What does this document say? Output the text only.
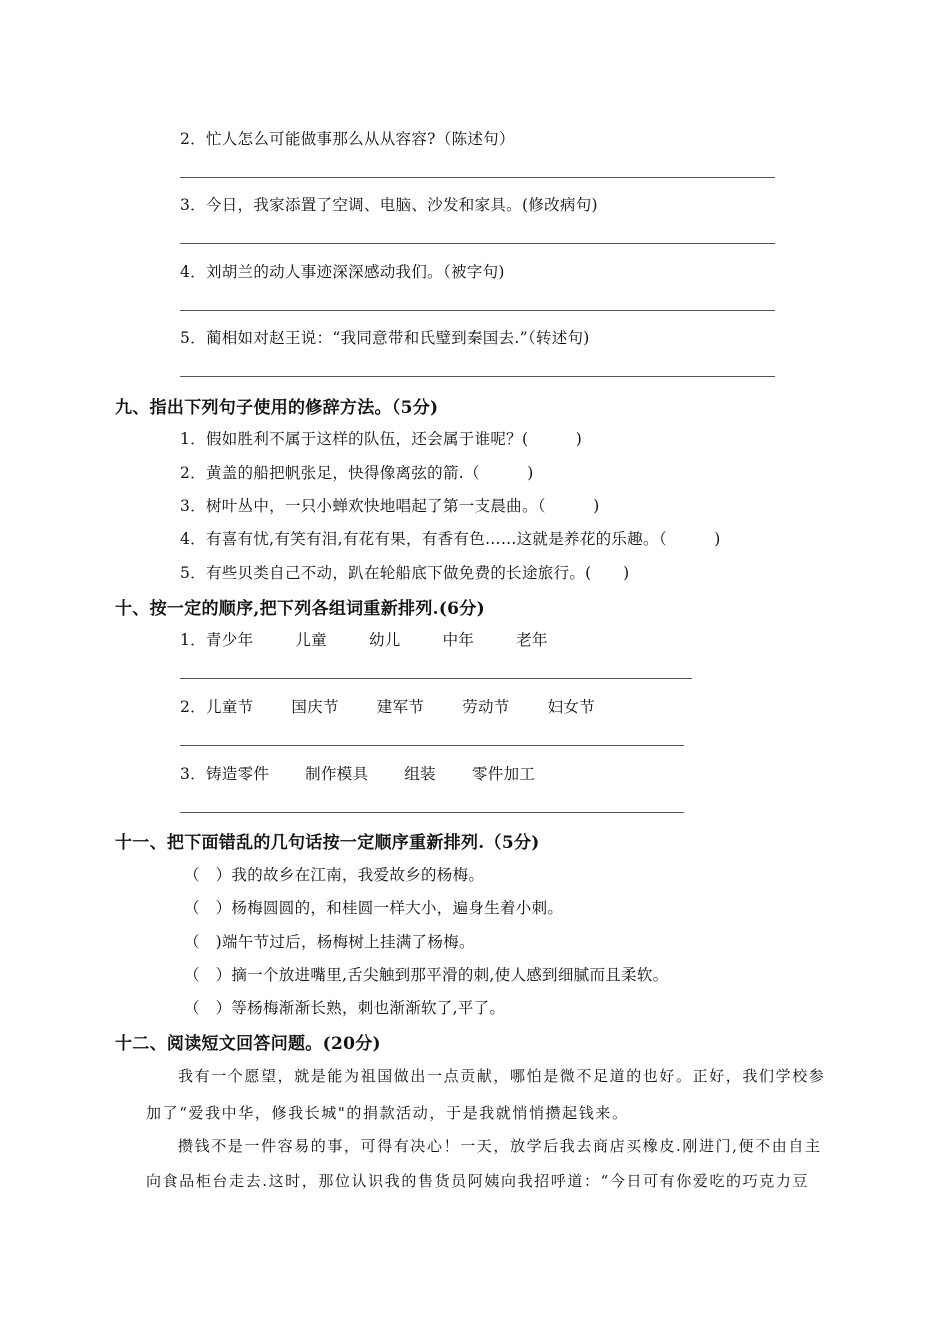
2．忙人怎么可能做事那么从从容容?（陈述句）
3．今日，我家添置了空调、电脑、沙发和家具。(修改病句)
4．刘胡兰的动人事迹深深感动我们。（被字句)
5．蔺相如对赵王说：“我同意带和氏璧到秦国去.”（转述句)
九、指出下列句子使用的修辞方法。（5分)
1．假如胜利不属于这样的队伍，还会属于谁呢？(　　　)
2．黄盖的船把帆张足，快得像离弦的箭.（　　　)
3．树叶丛中，一只小蝉欢快地唱起了第一支晨曲。（　　　)
4．有喜有忧,有笑有泪,有花有果，有香有色……这就是养花的乐趣。（　　　)
5．有些贝类自己不动，趴在轮船底下做免费的长途旅行。(　　)
十、按一定的顺序,把下列各组词重新排列.(6分)
1．青少年	儿童	幼儿	中年	老年
2．儿童节 国庆节 建军节 劳动节 妇女节
3．铸造零件 制作模具 组装 零件加工
十一、把下面错乱的几句话按一定顺序重新排列.（5分)
（　）我的故乡在江南，我爱故乡的杨梅。
（　）杨梅圆圆的，和桂圆一样大小，遍身生着小刺。
（　)端午节过后，杨梅树上挂满了杨梅。
（　）摘一个放进嘴里,舌尖触到那平滑的刺,使人感到细腻而且柔软。
（　）等杨梅渐渐长熟，刺也渐渐软了,平了。
十二、阅读短文回答问题。(20分)
我有一个愿望，就是能为祖国做出一点贡献，哪怕是微不足道的也好。正好，我们学校参
加了“爱我中华，修我长城"的捐款活动，于是我就悄悄攒起钱来。
攒钱不是一件容易的事，可得有决心！一天，放学后我去商店买橡皮.刚进门,便不由自主
向食品柜台走去.这时，那位认识我的售货员阿姨向我招呼道：“今日可有你爱吃的巧克力豆
